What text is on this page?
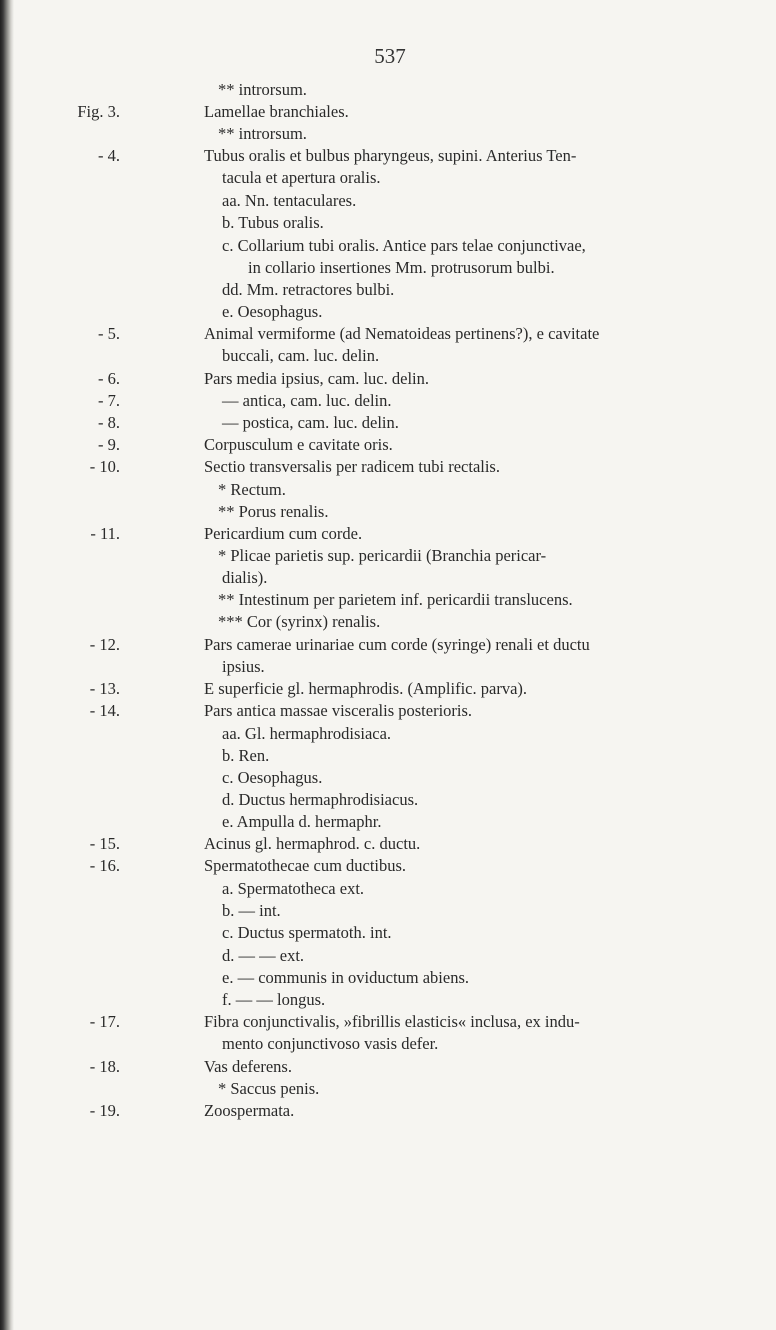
537
** introrsum.
Fig. 3.	Lamellae branchiales.
** introrsum.
- 4.	Tubus oralis et bulbus pharyngeus, supini. Anterius Ten-
tacula et apertura oralis.
aa. Nn. tentaculares.
b. Tubus oralis.
c. Collarium tubi oralis. Antice pars telae conjunctivae,
in collario insertiones Mm. protrusorum bulbi.
dd. Mm. retractores bulbi.
e. Oesophagus.
- 5.	Animal vermiforme (ad Nematoideas pertinens?), e cavitate
buccali, cam. luc. delin.
- 6.	Pars media ipsius, cam. luc. delin.
- 7.	— antica, cam. luc. delin.
- 8.	— postica, cam. luc. delin.
- 9.	Corpusculum e cavitate oris.
- 10.	Sectio transversalis per radicem tubi rectalis.
* Rectum.
** Porus renalis.
- 11.	Pericardium cum corde.
* Plicae parietis sup. pericardii (Branchia pericar-
dialis).
** Intestinum per parietem inf. pericardii translucens.
*** Cor (syrinx) renalis.
- 12.	Pars camerae urinariae cum corde (syringe) renali et ductu
ipsius.
- 13.	E superficie gl. hermaphrodis. (Amplific. parva).
- 14.	Pars antica massae visceralis posterioris.
aa. Gl. hermaphrodisiaca.
b. Ren.
c. Oesophagus.
d. Ductus hermaphrodisiacus.
e. Ampulla d. hermaphr.
- 15.	Acinus gl. hermaphrod. c. ductu.
- 16.	Spermatothecae cum ductibus.
a. Spermatotheca ext.
b. — int.
c. Ductus spermatoth. int.
d. — — ext.
e. — communis in oviductum abiens.
f. — — longus.
- 17.	Fibra conjunctivalis, »fibrillis elasticis« inclusa, ex indu-
mento conjunctivoso vasis defer.
- 18.	Vas deferens.
* Saccus penis.
- 19.	Zoospermata.
